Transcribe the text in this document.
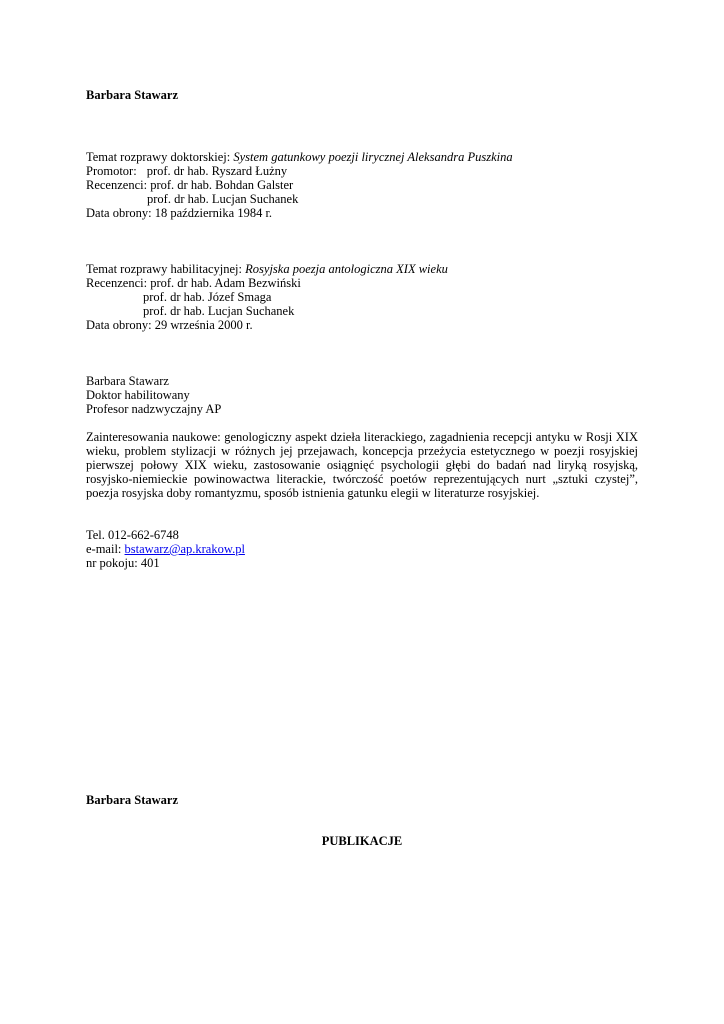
Barbara Stawarz
Temat rozprawy doktorskiej: System gatunkowy poezji lirycznej Aleksandra Puszkina
Promotor: prof. dr hab. Ryszard Łużny
Recenzenci: prof. dr hab. Bohdan Galster
prof. dr hab. Lucjan Suchanek
Data obrony: 18 października 1984 r.
Temat rozprawy habilitacyjnej: Rosyjska poezja antologiczna XIX wieku
Recenzenci: prof. dr hab. Adam Bezwiński
prof. dr hab. Józef Smaga
prof. dr hab. Lucjan Suchanek
Data obrony: 29 września 2000 r.
Barbara Stawarz
Doktor habilitowany
Profesor nadzwyczajny AP
Zainteresowania naukowe: genologiczny aspekt dzieła literackiego, zagadnienia recepcji antyku w Rosji XIX wieku, problem stylizacji w różnych jej przejawach, koncepcja przeżycia estetycznego w poezji rosyjskiej pierwszej połowy XIX wieku, zastosowanie osiągnięć psychologii głębi do badań nad liryką rosyjską, rosyjsko-niemieckie powinowactwa literackie, twórczość poetów reprezentujących nurt „sztuki czystej”, poezja rosyjska doby romantyzmu, sposób istnienia gatunku elegii w literaturze rosyjskiej.
Tel. 012-662-6748
e-mail: bstawarz@ap.krakow.pl
nr pokoju: 401
Barbara Stawarz
PUBLIKACJE
